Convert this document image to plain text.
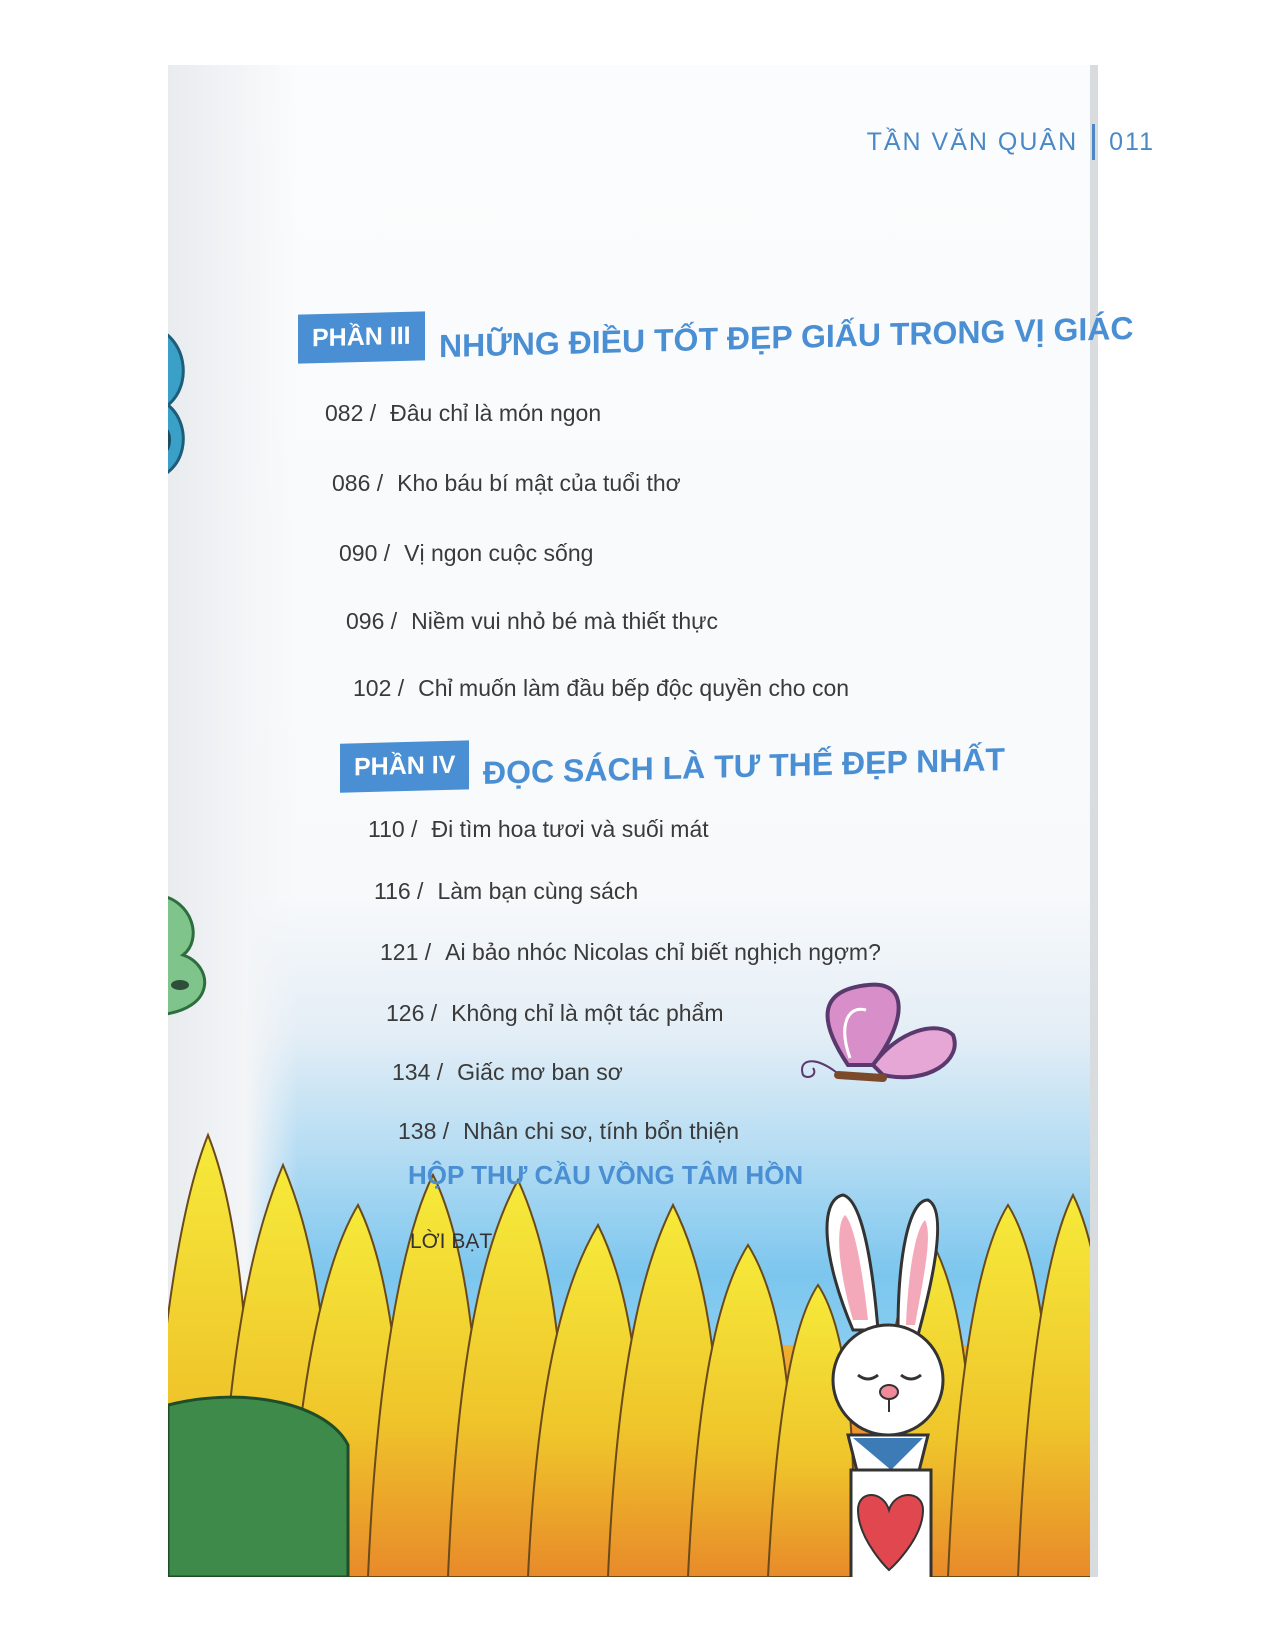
TẦN VĂN QUÂN 011
PHẦN III NHỮNG ĐIỀU TỐT ĐẸP GIẤU TRONG VỊ GIÁC
082 / Đâu chỉ là món ngon
086 / Kho báu bí mật của tuổi thơ
090 / Vị ngon cuộc sống
096 / Niềm vui nhỏ bé mà thiết thực
102 / Chỉ muốn làm đầu bếp độc quyền cho con
PHẦN IV ĐỌC SÁCH LÀ TƯ THẾ ĐẸP NHẤT
110 / Đi tìm hoa tươi và suối mát
116 / Làm bạn cùng sách
121 / Ai bảo nhóc Nicolas chỉ biết nghịch ngợm?
126 / Không chỉ là một tác phẩm
134 / Giấc mơ ban sơ
138 / Nhân chi sơ, tính bổn thiện
HỘP THƯ CẦU VỒNG TÂM HỒN
LỜI BẠT
